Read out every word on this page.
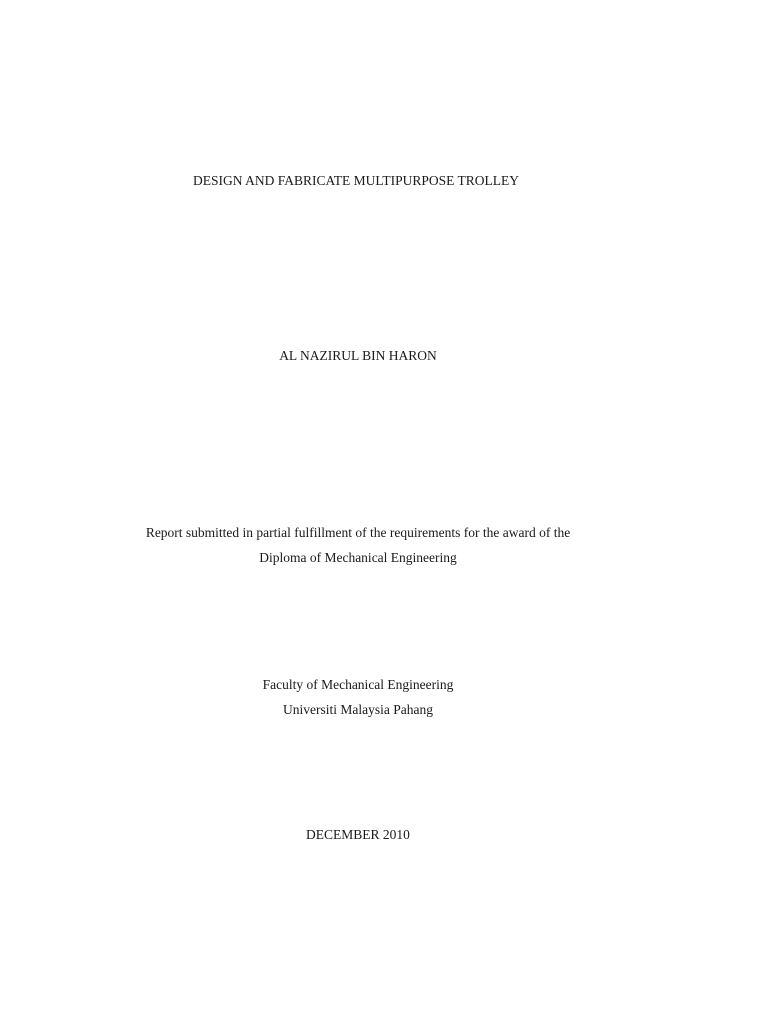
DESIGN AND FABRICATE MULTIPURPOSE TROLLEY
AL NAZIRUL BIN HARON
Report submitted in partial fulfillment of the requirements for the award of the
Diploma of Mechanical Engineering
Faculty of Mechanical Engineering
Universiti Malaysia Pahang
DECEMBER 2010
